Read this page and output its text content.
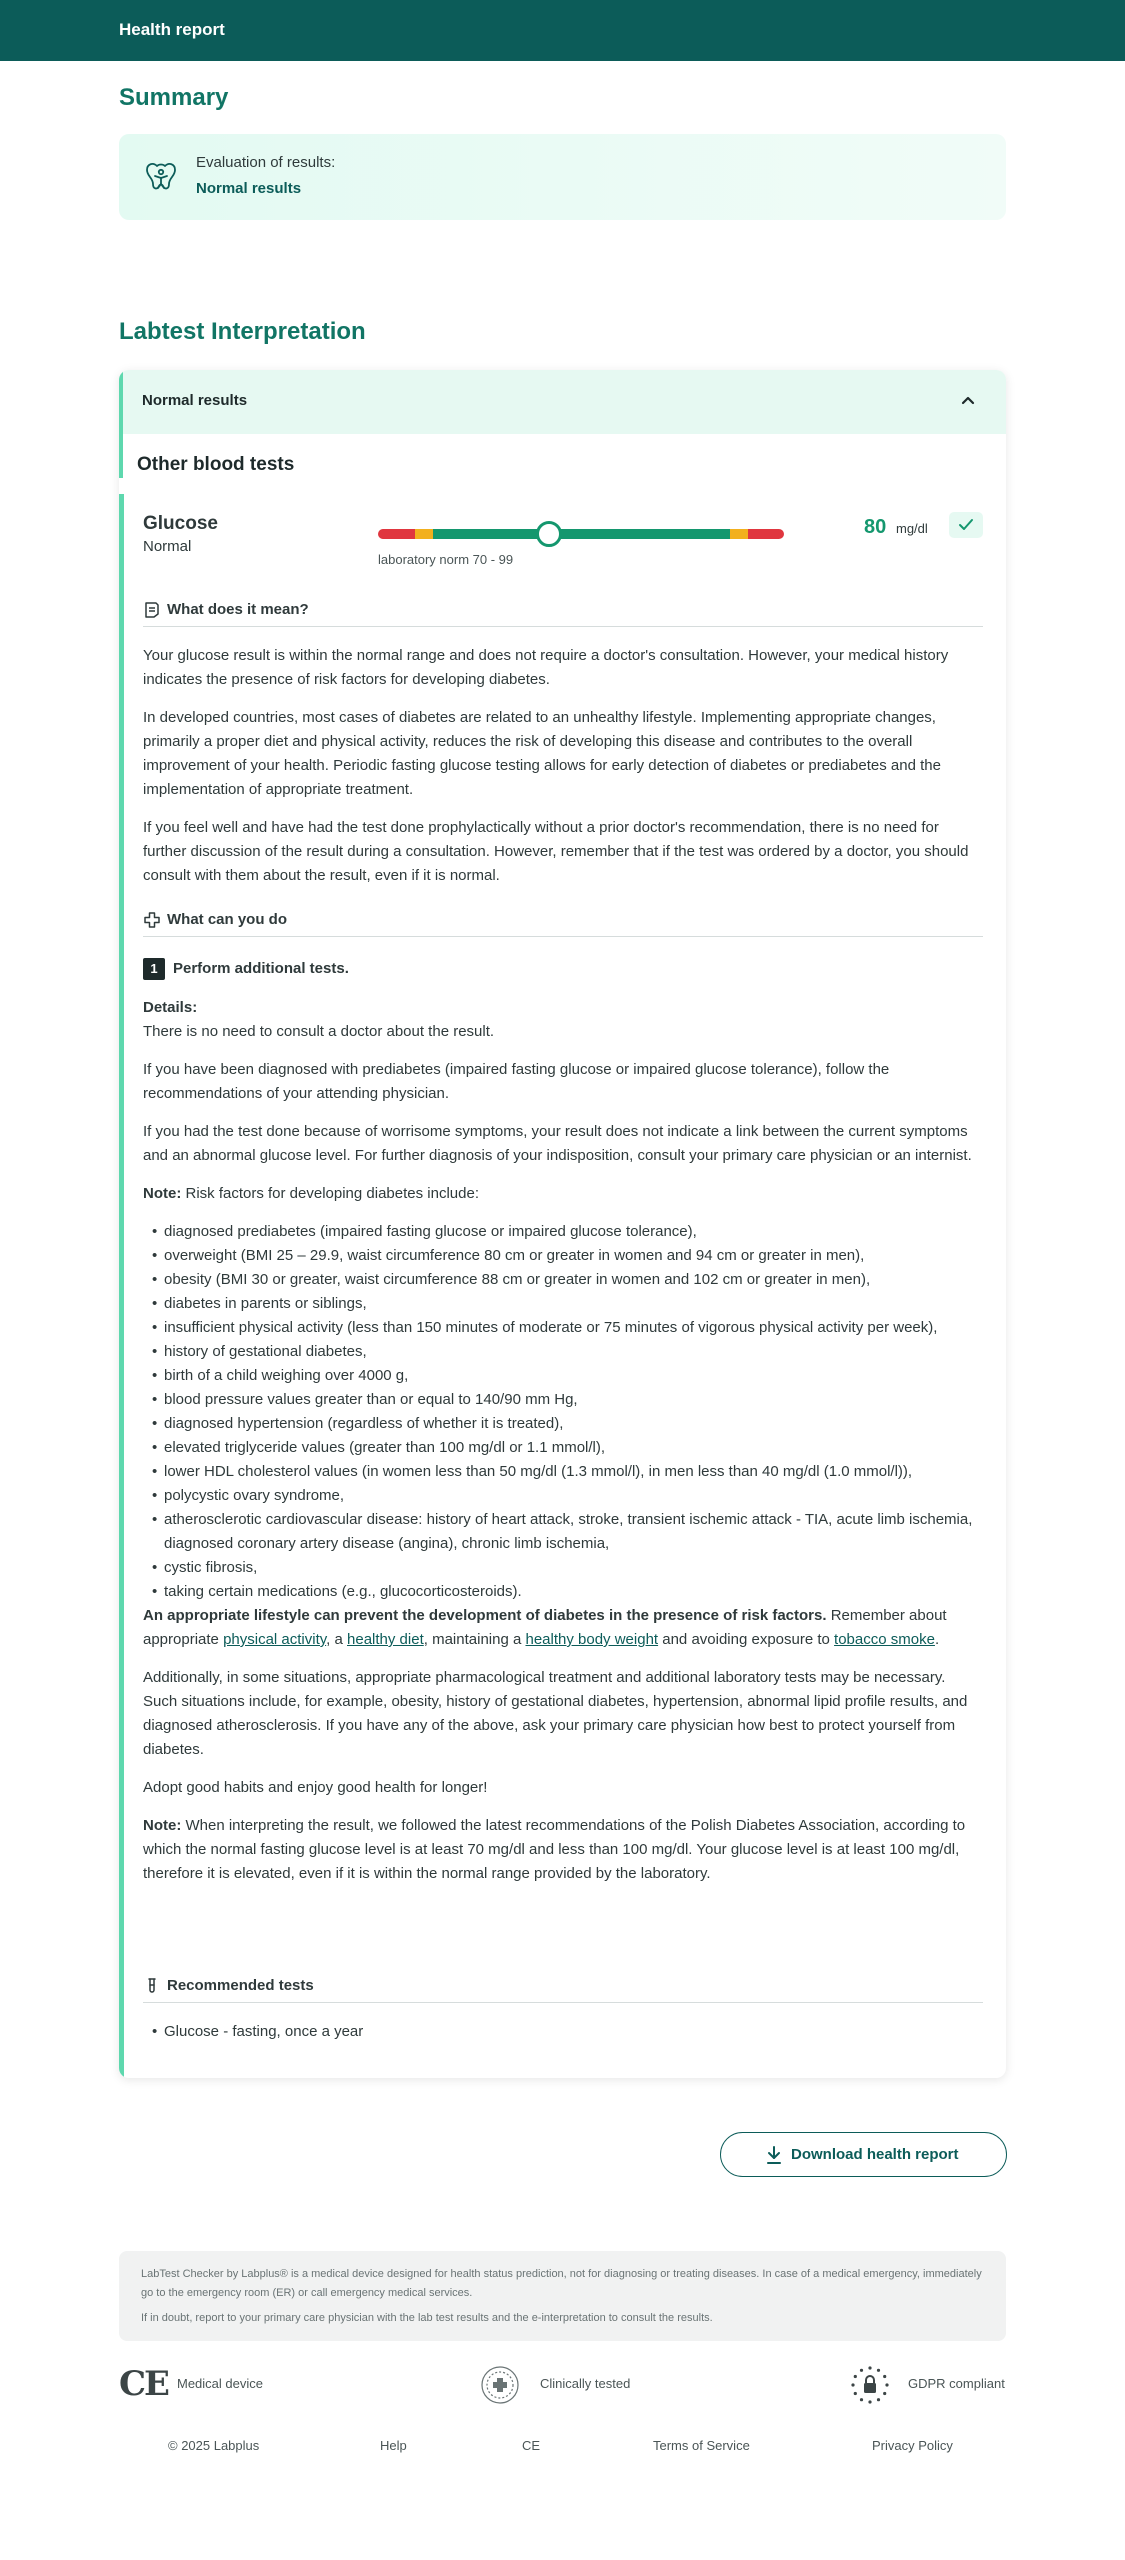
Health report
Summary
Evaluation of results:
Normal results
Labtest Interpretation
Normal results
Other blood tests
Glucose
Normal
laboratory norm 70 - 99
80 mg/dl
What does it mean?

Your glucose result is within the normal range and does not require a doctor's consultation. However, your medical history indicates the presence of risk factors for developing diabetes.

In developed countries, most cases of diabetes are related to an unhealthy lifestyle. Implementing appropriate changes, primarily a proper diet and physical activity, reduces the risk of developing this disease and contributes to the overall improvement of your health. Periodic fasting glucose testing allows for early detection of diabetes or prediabetes and the implementation of appropriate treatment.

If you feel well and have had the test done prophylactically without a prior doctor's recommendation, there is no need for further discussion of the result during a consultation. However, remember that if the test was ordered by a doctor, you should consult with them about the result, even if it is normal.

What can you do
1	Perform additional tests.
Details:

There is no need to consult a doctor about the result.

If you have been diagnosed with prediabetes (impaired fasting glucose or impaired glucose tolerance), follow the recommendations of your attending physician.

If you had the test done because of worrisome symptoms, your result does not indicate a link between the current symptoms and an abnormal glucose level. For further diagnosis of your indisposition, consult your primary care physician or an internist.

Note: Risk factors for developing diabetes include:

• diagnosed prediabetes (impaired fasting glucose or impaired glucose tolerance),
• overweight (BMI 25 – 29.9, waist circumference 80 cm or greater in women and 94 cm or greater in men),
• obesity (BMI 30 or greater, waist circumference 88 cm or greater in women and 102 cm or greater in men),
• diabetes in parents or siblings,
• insufficient physical activity (less than 150 minutes of moderate or 75 minutes of vigorous physical activity per week),
• history of gestational diabetes,
• birth of a child weighing over 4000 g,
• blood pressure values greater than or equal to 140/90 mm Hg,
• diagnosed hypertension (regardless of whether it is treated),
• elevated triglyceride values (greater than 100 mg/dl or 1.1 mmol/l),
• lower HDL cholesterol values (in women less than 50 mg/dl (1.3 mmol/l), in men less than 40 mg/dl (1.0 mmol/l)),
• polycystic ovary syndrome,
• atherosclerotic cardiovascular disease: history of heart attack, stroke, transient ischemic attack - TIA, acute limb ischemia, diagnosed coronary artery disease (angina), chronic limb ischemia,
• cystic fibrosis,
• taking certain medications (e.g., glucocorticosteroids).

An appropriate lifestyle can prevent the development of diabetes in the presence of risk factors. Remember about appropriate physical activity, a healthy diet, maintaining a healthy body weight and avoiding exposure to tobacco smoke.

Additionally, in some situations, appropriate pharmacological treatment and additional laboratory tests may be necessary. Such situations include, for example, obesity, history of gestational diabetes, hypertension, abnormal lipid profile results, and diagnosed atherosclerosis. If you have any of the above, ask your primary care physician how best to protect yourself from diabetes.

Adopt good habits and enjoy good health for longer!

Note: When interpreting the result, we followed the latest recommendations of the Polish Diabetes Association, according to which the normal fasting glucose level is at least 70 mg/dl and less than 100 mg/dl. Your glucose level is at least 100 mg/dl, therefore it is elevated, even if it is within the normal range provided by the laboratory.

Recommended tests
• Glucose - fasting, once a year
Download health report
LabTest Checker by Labplus® is a medical device designed for health status prediction, not for diagnosing or treating diseases. In case of a medical emergency, immediately go to the emergency room (ER) or call emergency medical services.
If in doubt, report to your primary care physician with the lab test results and the e-interpretation to consult the results.
CE Medical device	Clinically tested	GDPR compliant
© 2025 Labplus	Help	CE	Terms of Service	Privacy Policy
